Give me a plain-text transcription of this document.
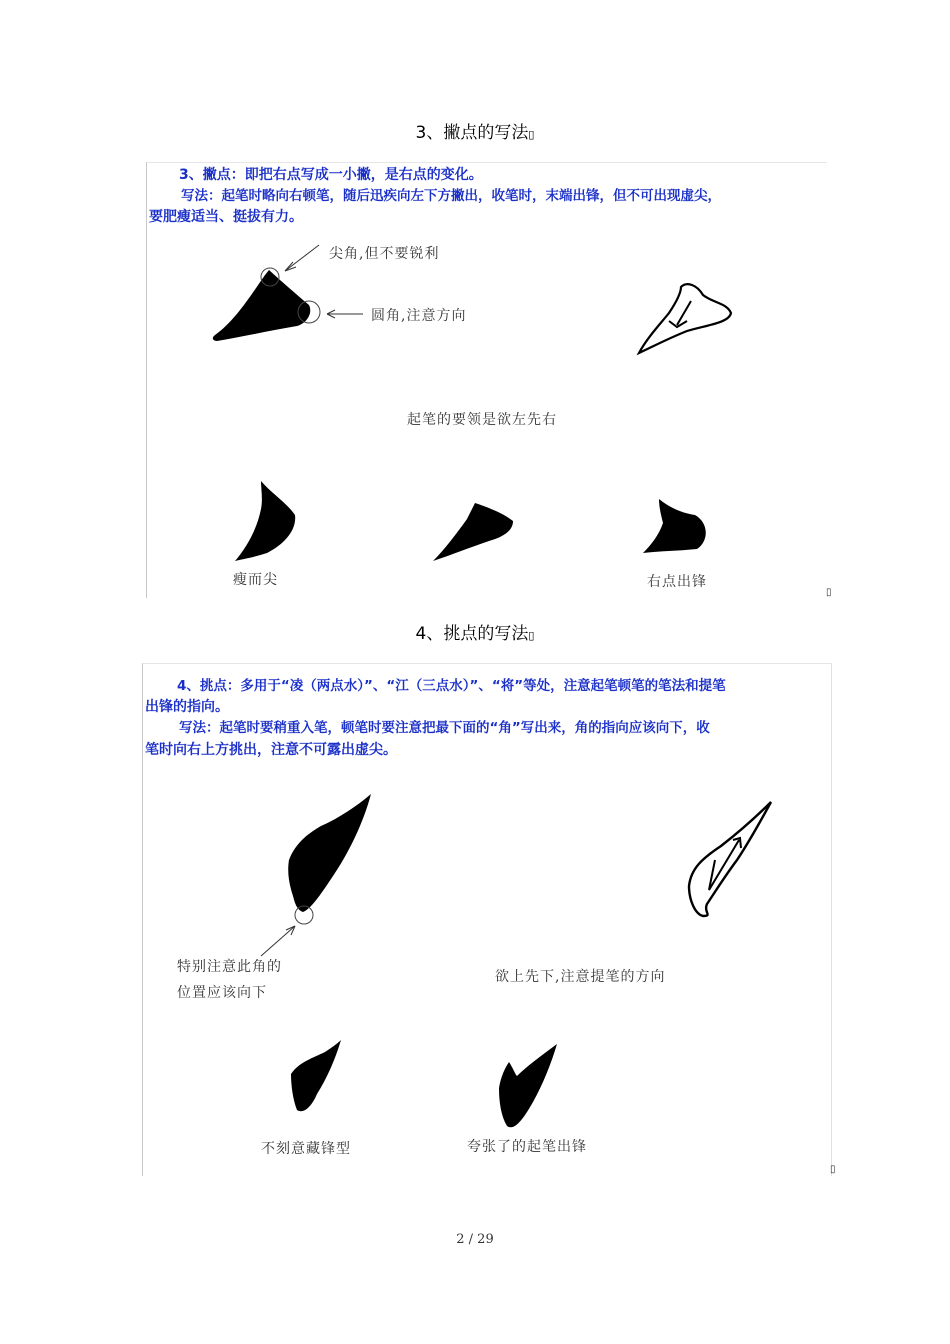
3、撇点的写法▯
3、撇点：即把右点写成一小撇，是右点的变化。
写法：起笔时略向右顿笔，随后迅疾向左下方撇出，收笔时，末端出锋，但不可出现虚尖，
要肥瘦适当、挺拔有力。
尖角,但不要锐利
圆角,注意方向
起笔的要领是欲左先右
瘦而尖	右点出锋
▯
4、挑点的写法▯
4、挑点：多用于“凌（两点水）”、“江（三点水）”、“将”等处，注意起笔顿笔的笔法和提笔
出锋的指向。
写法：起笔时要稍重入笔，顿笔时要注意把最下面的“角”写出来，角的指向应该向下，收
笔时向右上方挑出，注意不可露出虚尖。
特别注意此角的
位置应该向下
欲上先下,注意提笔的方向
不刻意藏锋型	夸张了的起笔出锋
▯
2 / 29
